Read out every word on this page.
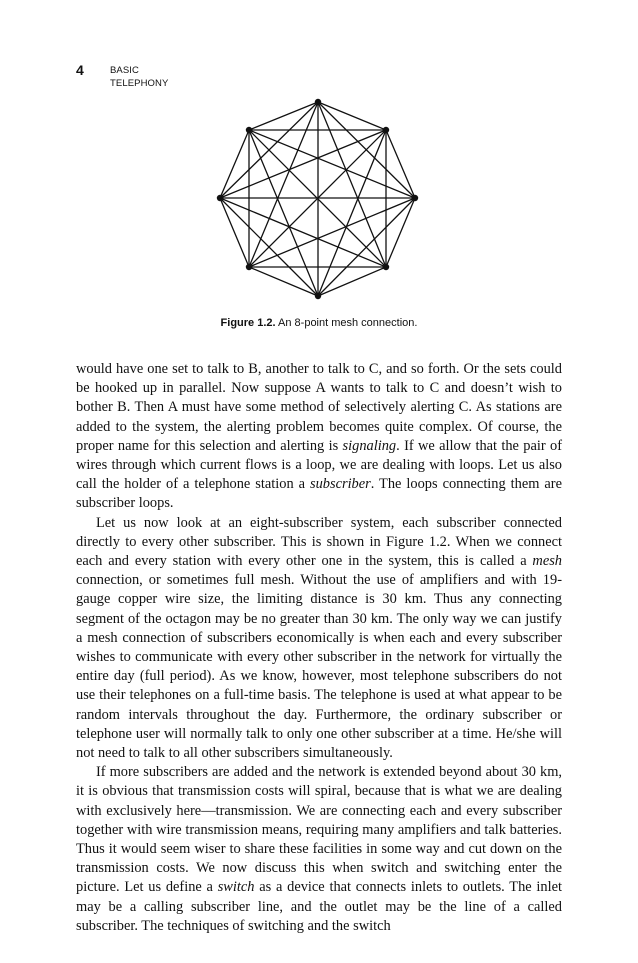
4	BASIC TELEPHONY
Figure 1.2. An 8-point mesh connection.

would have one set to talk to B, another to talk to C, and so forth. Or the sets could be hooked up in parallel. Now suppose A wants to talk to C and doesn’t wish to bother B. Then A must have some method of selectively alerting C. As stations are added to the system, the alerting problem becomes quite complex. Of course, the proper name for this selection and alerting is signaling. If we allow that the pair of wires through which current flows is a loop, we are dealing with loops. Let us also call the holder of a telephone station a subscriber. The loops connecting them are subscriber loops.

Let us now look at an eight-subscriber system, each subscriber connected directly to every other subscriber. This is shown in Figure 1.2. When we connect each and every station with every other one in the system, this is called a mesh connection, or sometimes full mesh. Without the use of amplifiers and with 19-gauge copper wire size, the limiting distance is 30 km. Thus any connecting segment of the octagon may be no greater than 30 km. The only way we can justify a mesh connection of subscribers economically is when each and every subscriber wishes to communicate with every other subscriber in the network for virtually the entire day (full period). As we know, however, most telephone subscribers do not use their telephones on a full-time basis. The telephone is used at what appear to be random intervals throughout the day. Furthermore, the ordinary subscriber or telephone user will normally talk to only one other subscriber at a time. He/she will not need to talk to all other subscribers simultaneously.

If more subscribers are added and the network is extended beyond about 30 km, it is obvious that transmission costs will spiral, because that is what we are dealing with exclusively here—transmission. We are connecting each and every subscriber together with wire transmission means, requiring many amplifiers and talk batteries. Thus it would seem wiser to share these facilities in some way and cut down on the transmission costs. We now discuss this when switch and switching enter the picture. Let us define a switch as a device that connects inlets to outlets. The inlet may be a calling subscriber line, and the outlet may be the line of a called subscriber. The techniques of switching and the switch
